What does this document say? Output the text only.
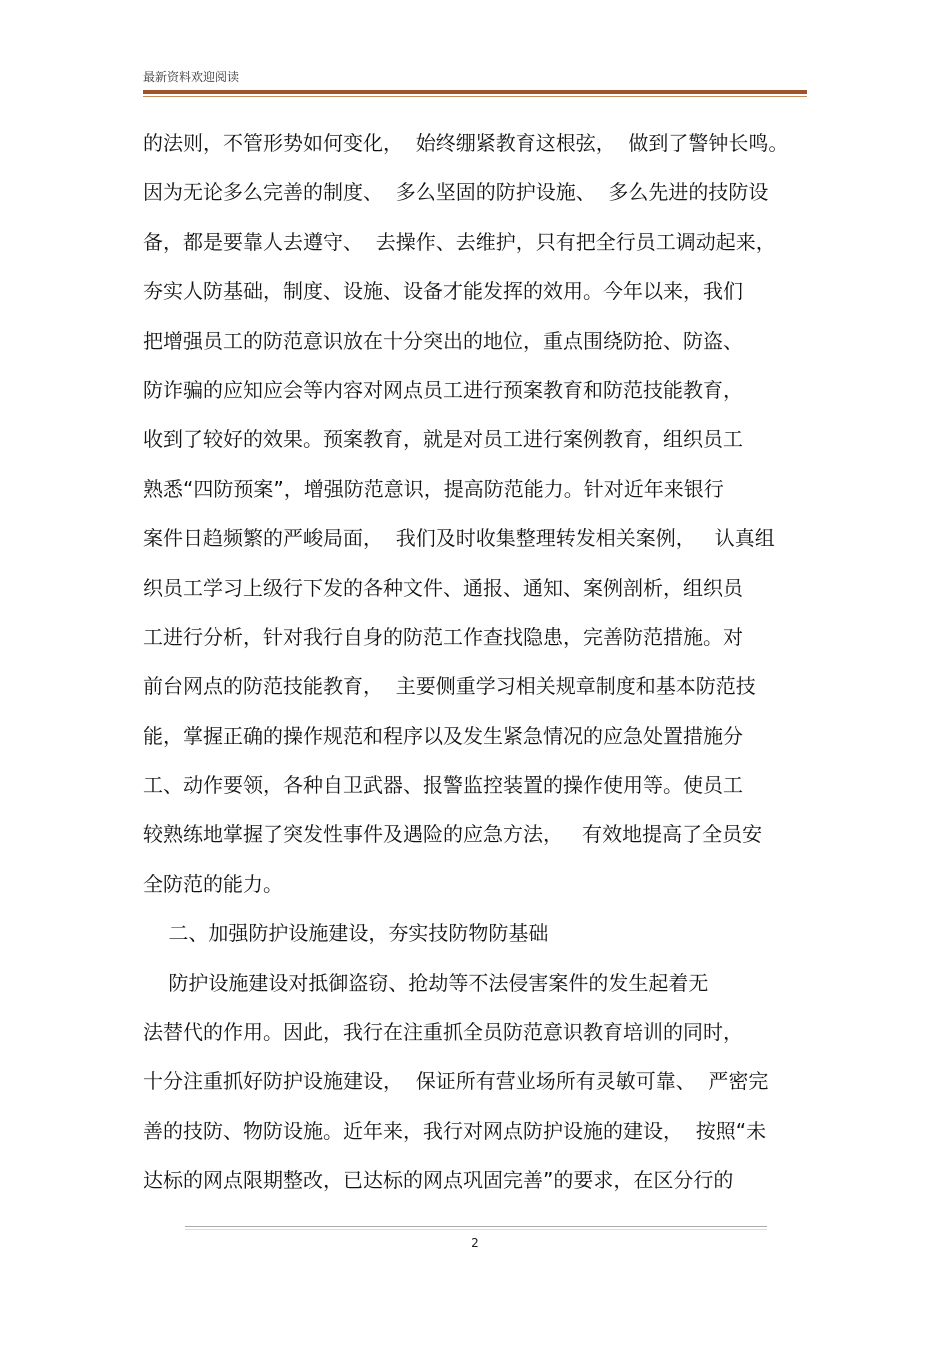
最新资料欢迎阅读
的法则，不管形势如何变化，  始终绷紧教育这根弦，  做到了警钟长鸣。
因为无论多么完善的制度、  多么坚固的防护设施、  多么先进的技防设
备，都是要靠人去遵守、  去操作、去维护，只有把全行员工调动起来，
夯实人防基础，制度、设施、设备才能发挥的效用。今年以来，我们
把增强员工的防范意识放在十分突出的地位，重点围绕防抢、防盗、
防诈骗的应知应会等内容对网点员工进行预案教育和防范技能教育，
收到了较好的效果。预案教育，就是对员工进行案例教育，组织员工
熟悉“四防预案”，增强防范意识，提高防范能力。针对近年来银行
案件日趋频繁的严峻局面，  我们及时收集整理转发相关案例，   认真组
织员工学习上级行下发的各种文件、通报、通知、案例剖析，组织员
工进行分析，针对我行自身的防范工作查找隐患，完善防范措施。对
前台网点的防范技能教育，  主要侧重学习相关规章制度和基本防范技
能，掌握正确的操作规范和程序以及发生紧急情况的应急处置措施分
工、动作要领，各种自卫武器、报警监控装置的操作使用等。使员工
较熟练地掌握了突发性事件及遇险的应急方法，   有效地提高了全员安
全防范的能力。
二、加强防护设施建设，夯实技防物防基础
防护设施建设对抵御盗窃、抢劫等不法侵害案件的发生起着无
法替代的作用。因此，我行在注重抓全员防范意识教育培训的同时，
十分注重抓好防护设施建设，  保证所有营业场所有灵敏可靠、  严密完
善的技防、物防设施。近年来，我行对网点防护设施的建设，  按照“未
达标的网点限期整改，已达标的网点巩固完善”的要求，在区分行的
2
